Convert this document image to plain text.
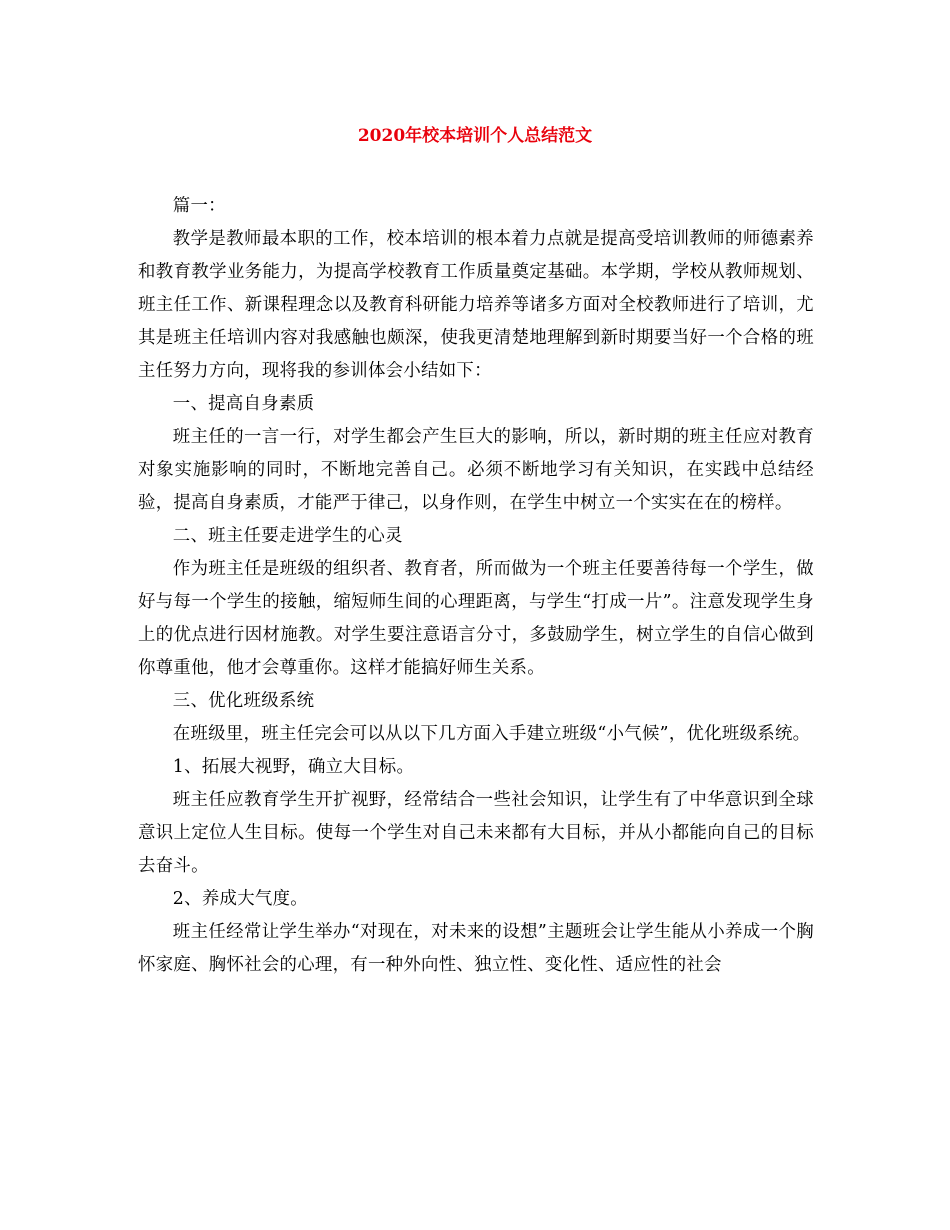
2020年校本培训个人总结范文

篇一：

教学是教师最本职的工作，校本培训的根本着力点就是提高受培训教师的师德素养和教育教学业务能力，为提高学校教育工作质量奠定基础。本学期，学校从教师规划、班主任工作、新课程理念以及教育科研能力培养等诸多方面对全校教师进行了培训，尤其是班主任培训内容对我感触也颇深，使我更清楚地理解到新时期要当好一个合格的班主任努力方向，现将我的参训体会小结如下：

一、提高自身素质

班主任的一言一行，对学生都会产生巨大的影响，所以，新时期的班主任应对教育对象实施影响的同时，不断地完善自己。必须不断地学习有关知识，在实践中总结经验，提高自身素质，才能严于律己，以身作则，在学生中树立一个实实在在的榜样。

二、班主任要走进学生的心灵

作为班主任是班级的组织者、教育者，所而做为一个班主任要善待每一个学生，做好与每一个学生的接触，缩短师生间的心理距离，与学生“打成一片”。注意发现学生身上的优点进行因材施教。对学生要注意语言分寸，多鼓励学生，树立学生的自信心做到你尊重他，他才会尊重你。这样才能搞好师生关系。

三、优化班级系统

在班级里，班主任完会可以从以下几方面入手建立班级“小气候”，优化班级系统。

1、拓展大视野，确立大目标。

班主任应教育学生开扩视野，经常结合一些社会知识，让学生有了中华意识到全球意识上定位人生目标。使每一个学生对自己未来都有大目标，并从小都能向自己的目标去奋斗。

2、养成大气度。

班主任经常让学生举办“对现在，对未来的设想”主题班会让学生能从小养成一个胸怀家庭、胸怀社会的心理，有一种外向性、独立性、变化性、适应性的社会
